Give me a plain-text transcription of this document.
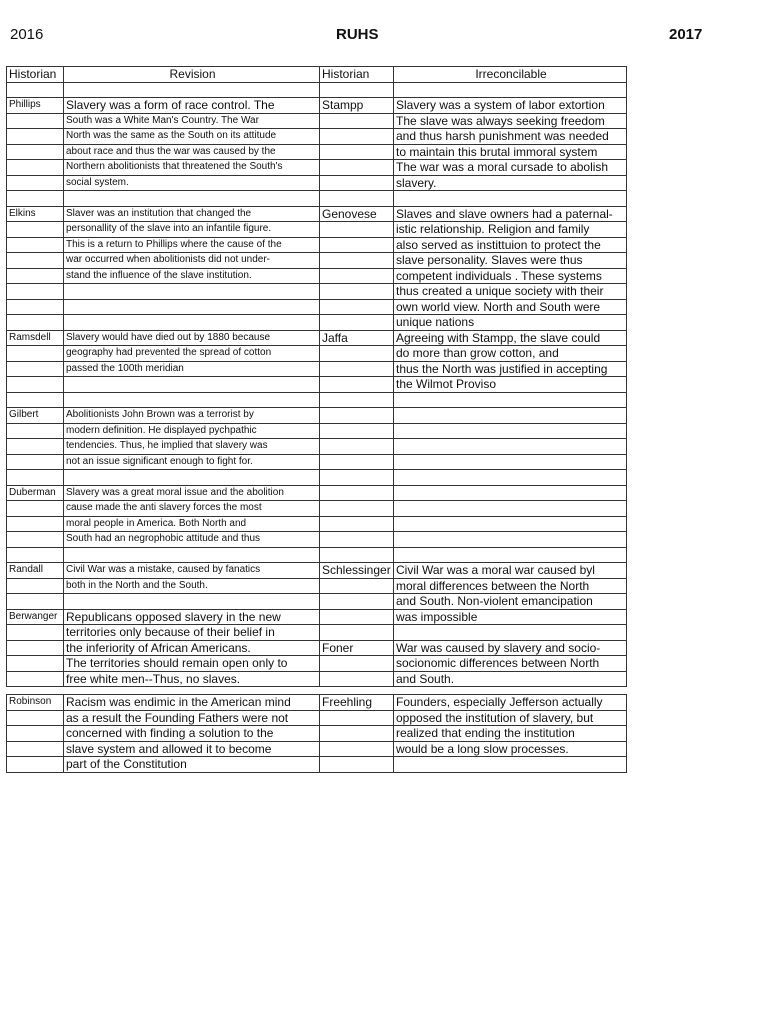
2016	RUHS	2017
Historian	Revision	Historian	Irreconcilable

Phillips	Slavery was a form of race control. The	Stampp	Slavery was a system of labor extortion
	South was a White Man's Country. The War		The slave was always seeking freedom
	North was the same as the South on its attitude		and thus harsh punishment was needed
	about race and thus the war was caused by the		to maintain this brutal immoral system
	Northern abolitionists that threatened the South's		The war was a moral cursade to abolish
	social system.		slavery.

Elkins	Slaver was an institution that changed the	Genovese	Slaves and slave owners had a paternal-
	personallity of the slave into an infantile figure.		istic relationship. Religion and family
	This is a return to Phillips where the cause of the		also served as instittuion to protect the
	war occurred when abolitionists did not under-		slave personality. Slaves were thus
	stand the influence of the slave institution.		competent individuals . These systems
			thus created a unique society with their
			own world view. North and South were
			unique nations
Ramsdell	Slavery would have died out by 1880 because	Jaffa	Agreeing with Stampp, the slave could
	geography had prevented the spread of cotton		do more than grow cotton, and
	passed the 100th meridian		thus the North was justified in accepting
			the Wilmot Proviso

Gilbert	Abolitionists John Brown was a terrorist by		
	modern definition. He displayed pychpathic		
	tendencies. Thus, he implied that slavery was		
	not an issue significant enough to fight for.		

Duberman	Slavery was a great moral issue and the abolition		
	cause made the anti slavery forces the most		
	moral people in America. Both North and		
	South had an negrophobic attitude and thus		

Randall	Civil War was a mistake, caused by fanatics	Schlessinger	Civil War was a moral war caused byl
	both in the North and the South.		moral differences between the North
			and South. Non-violent emancipation
Berwanger	Republicans opposed slavery in the new		was impossible
	territories only because of their belief in		
	the inferiority of African Americans.	Foner	War was caused by slavery and socio-
	The territories should remain open only to		socionomic differences between North
	free white men--Thus, no slaves.		and South.

Robinson	Racism was endimic in the American mind	Freehling	Founders, especially Jefferson actually
	as a result the Founding Fathers were not		opposed the institution of slavery, but
	concerned with finding a solution to the		realized that ending the institution
	slave system and allowed it to become		would be a long slow processes.
	part of the Constitution		
